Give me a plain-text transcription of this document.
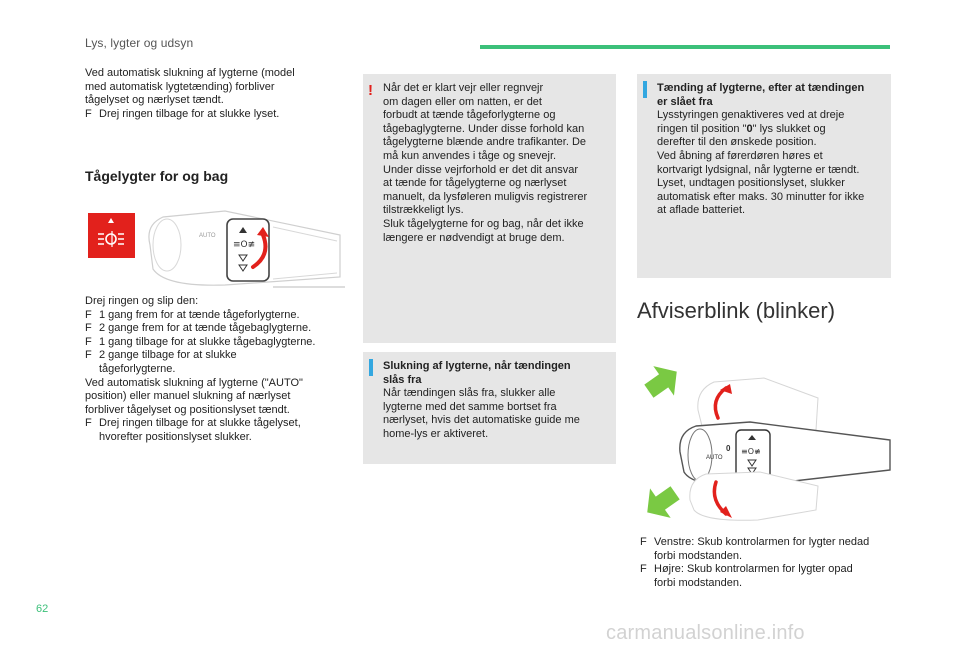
Lys, lygter og udsyn

Ved automatisk slukning af lygterne (model

med automatisk lygtetænding) forbliver

tågelyset og nærlyset tændt.

F Drej ringen tilbage for at slukke lyset.
Tågelygter for og bag
≡O≢
AUTO

Drej ringen og slip den:

F 1 gang frem for at tænde tågeforlygterne.
F 2 gange frem for at tænde tågebaglygterne.
F 1 gang tilbage for at slukke tågebaglygterne.
F 2 gange tilbage for at slukke
tågeforlygterne.

Ved automatisk slukning af lygterne ("AUTO"

position) eller manuel slukning af nærlyset

forbliver tågelyset og positionslyset tændt.

F Drej ringen tilbage for at slukke tågelyset,
hvorefter positionslyset slukker.
! Når det er klart vejr eller regnvejr

om dagen eller om natten, er det

forbudt at tænde tågeforlygterne og

tågebaglygterne. Under disse forhold kan

tågelygterne blænde andre trafikanter. De

må kun anvendes i tåge og snevejr.

Under disse vejrforhold er det dit ansvar

at tænde for tågelygterne og nærlyset

manuelt, da lysføleren muligvis registrerer

tilstrækkeligt lys.

Sluk tågelygterne for og bag, når det ikke

længere er nødvendigt at bruge dem.

Slukning af lygterne, når tændingen

slås fra

Når tændingen slås fra, slukker alle

lygterne med det samme bortset fra

nærlyset, hvis det automatiske guide me

home-lys er aktiveret.

Tænding af lygterne, efter at tændingen

er slået fra

Lysstyringen genaktiveres ved at dreje

ringen til position "0" lys slukket og

derefter til den ønskede position.

Ved åbning af førerdøren høres et

kortvarigt lydsignal, når lygterne er tændt.

Lyset, undtagen positionslyset, slukker

automatisk efter maks. 30 minutter for ikke

at aflade batteriet.

Afviserblink (blinker)
≡O≢
AUTO
0
F Venstre: Skub kontrolarmen for lygter nedad
forbi modstanden.
F Højre: Skub kontrolarmen for lygter opad
forbi modstanden.
62
carmanualsonline.info
